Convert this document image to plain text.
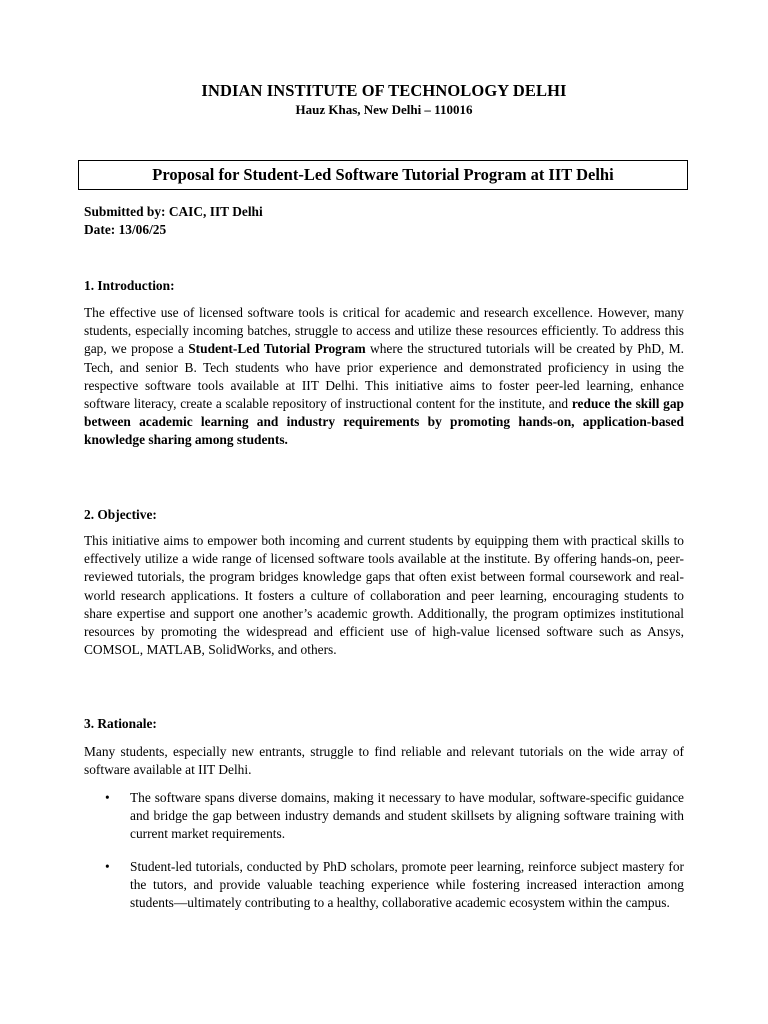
INDIAN INSTITUTE OF TECHNOLOGY DELHI
Hauz Khas, New Delhi – 110016
Proposal for Student-Led Software Tutorial Program at IIT Delhi
Submitted by: CAIC, IIT Delhi
Date: 13/06/25
1. Introduction:
The effective use of licensed software tools is critical for academic and research excellence. However, many students, especially incoming batches, struggle to access and utilize these resources efficiently. To address this gap, we propose a Student-Led Tutorial Program where the structured tutorials will be created by PhD, M. Tech, and senior B. Tech students who have prior experience and demonstrated proficiency in using the respective software tools available at IIT Delhi. This initiative aims to foster peer-led learning, enhance software literacy, create a scalable repository of instructional content for the institute, and reduce the skill gap between academic learning and industry requirements by promoting hands-on, application-based knowledge sharing among students.
2. Objective:
This initiative aims to empower both incoming and current students by equipping them with practical skills to effectively utilize a wide range of licensed software tools available at the institute. By offering hands-on, peer-reviewed tutorials, the program bridges knowledge gaps that often exist between formal coursework and real-world research applications. It fosters a culture of collaboration and peer learning, encouraging students to share expertise and support one another’s academic growth. Additionally, the program optimizes institutional resources by promoting the widespread and efficient use of high-value licensed software such as Ansys, COMSOL, MATLAB, SolidWorks, and others.
3. Rationale:
Many students, especially new entrants, struggle to find reliable and relevant tutorials on the wide array of software available at IIT Delhi.
• The software spans diverse domains, making it necessary to have modular, software-specific guidance and bridge the gap between industry demands and student skillsets by aligning software training with current market requirements.
• Student-led tutorials, conducted by PhD scholars, promote peer learning, reinforce subject mastery for the tutors, and provide valuable teaching experience while fostering increased interaction among students—ultimately contributing to a healthy, collaborative academic ecosystem within the campus.
